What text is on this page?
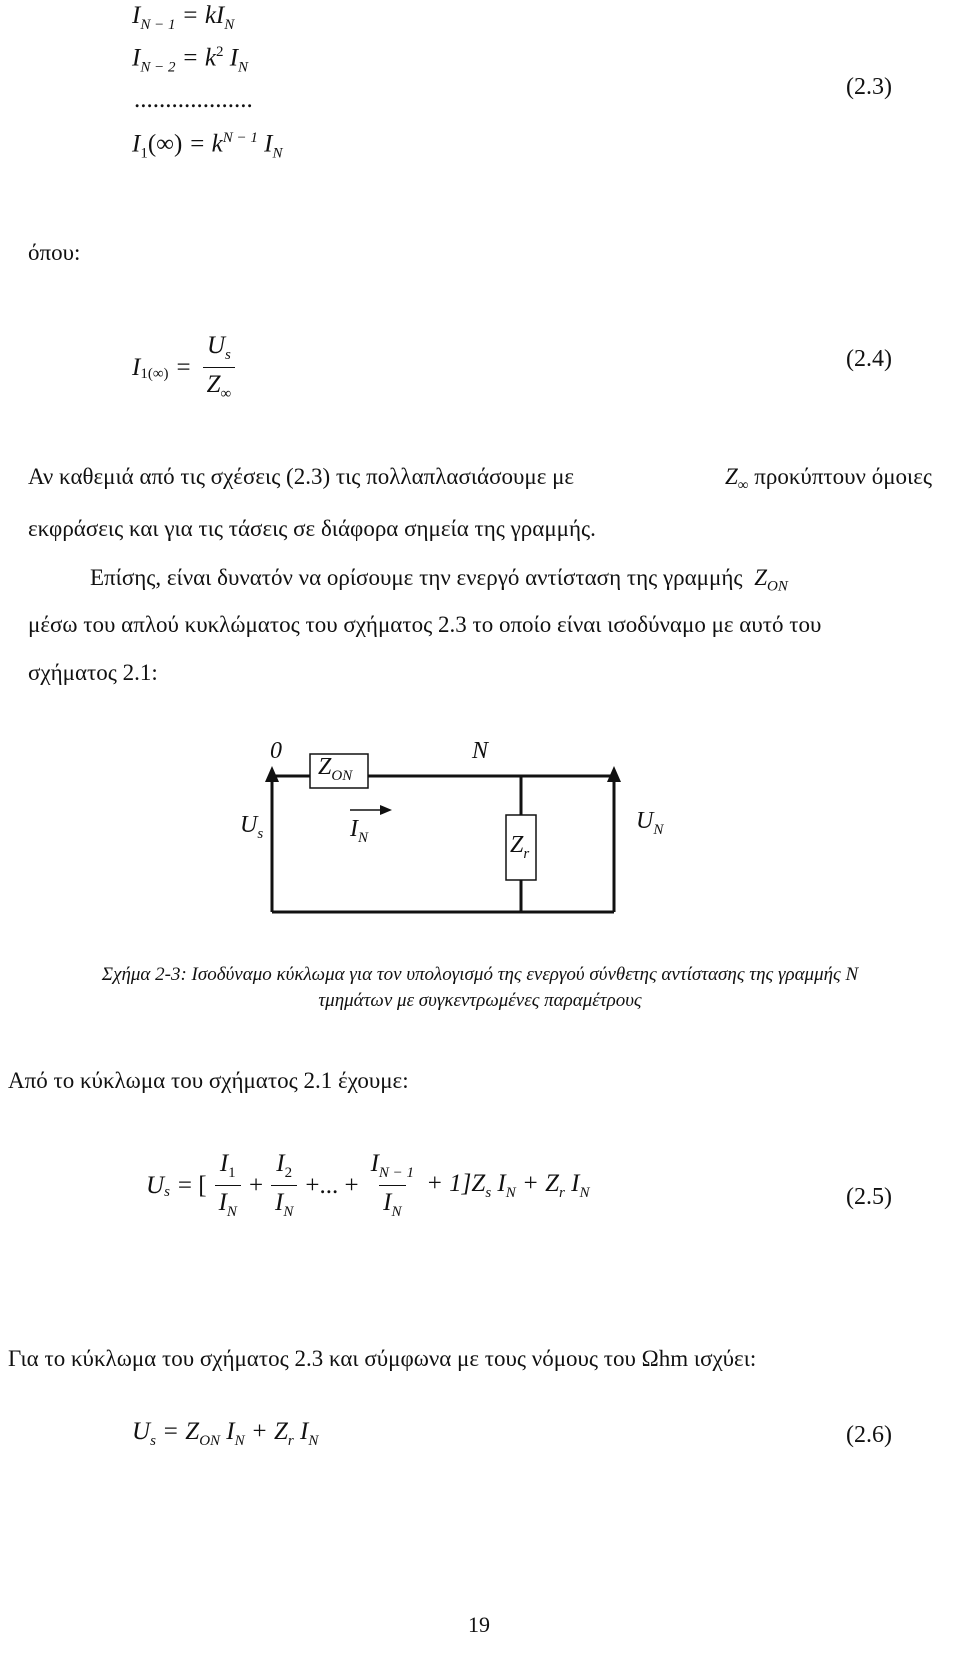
$I_{N - 1} = kI_N$
$I_{N - 2} = k^2$ $I_N$
...................
$I_1(\infty) = k^{N - 1}$ $I_N$
(2.3)
όπου:
$I_{1(\infty)} = \frac{U_s}{Z_\infty}$	(2.4)
Αν καθεμιά από τις σχέσεις (2.3) τις πολλαπλασιάσουμε με	$Z_\infty$ προκύπτουν όμοιες
εκφράσεις και για τις τάσεις σε διάφορα σημεία της γραμμής.
Επίσης, είναι δυνατόν να ορίσουμε την ενεργό αντίσταση της γραμμής $Z_{ON}$
μέσω του απλού κυκλώματος του σχήματος 2.3 το οποίο είναι ισοδύναμο με αυτό του
σχήματος 2.1:
0	N
$Z_{ON}$
$U_s$	$I_N$	$Z_r$
$U_N$
Σχήμα 2-3: Ισοδύναμο κύκλωμα για τον υπολογισμό της ενεργού σύνθετης αντίστασης της γραμμής N
τμημάτων με συγκεντρωμένες παραμέτρους
Από το κύκλωμα του σχήματος 2.1 έχουμε:
$U_s$ = [ $\frac{I_1}{I_N} + \frac{I_2}{I_N}$ +... + $\frac{I_{N - 1}}{I_N} + 1]Z_s$ $I_N + Z_r$ $I_N$	(2.5)
Για το κύκλωμα του σχήματος 2.3 και σύμφωνα με τους νόμους του Ωhm ισχύει:
$U_s = Z_{ON}$ $I_N + Z_r$ $I_N$	(2.6)
19
